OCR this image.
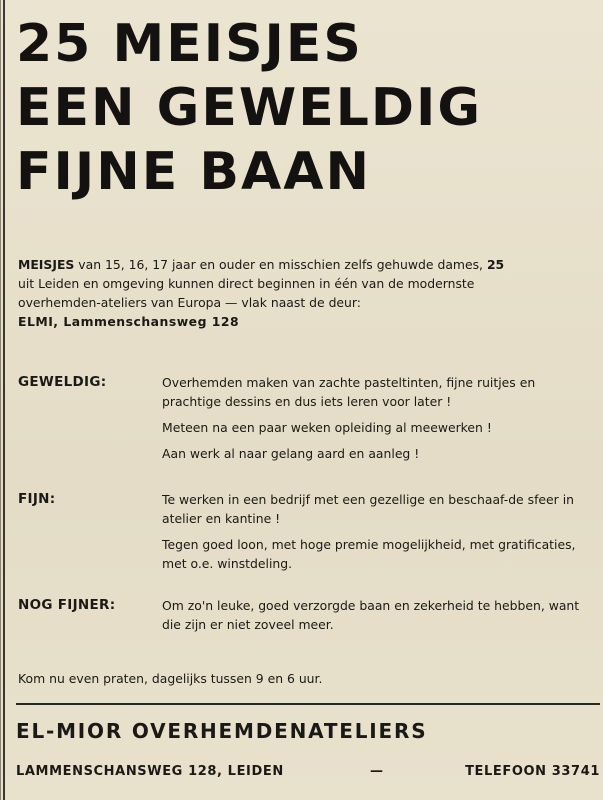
25 MEISJES
EEN GEWELDIG
FIJNE BAAN
MEISJES van 15, 16, 17 jaar en ouder en misschien zelfs gehuwde dames, 25
uit Leiden en omgeving kunnen direct beginnen in één van de modernste
overhemden-ateliers van Europa — vlak naast de deur:
ELMI, Lammenschansweg 128
GEWELDIG:	Overhemden maken van zachte pasteltinten, fijne ruitjes en prachtige dessins en dus iets leren voor later !

Meteen na een paar weken opleiding al meewerken !

Aan werk al naar gelang aard en aanleg !

FIJN:	Te werken in een bedrijf met een gezellige en beschaaf-de sfeer in atelier en kantine !

Tegen goed loon, met hoge premie mogelijkheid, met gratificaties, met o.e. winstdeling.

NOG FIJNER:	Om zo'n leuke, goed verzorgde baan en zekerheid te hebben, want die zijn er niet zoveel meer.

Kom nu even praten, dagelijks tussen 9 en 6 uur.
EL-MIOR OVERHEMDENATELIERS
LAMMENSCHANSWEG 128, LEIDEN	—	TELEFOON 33741
